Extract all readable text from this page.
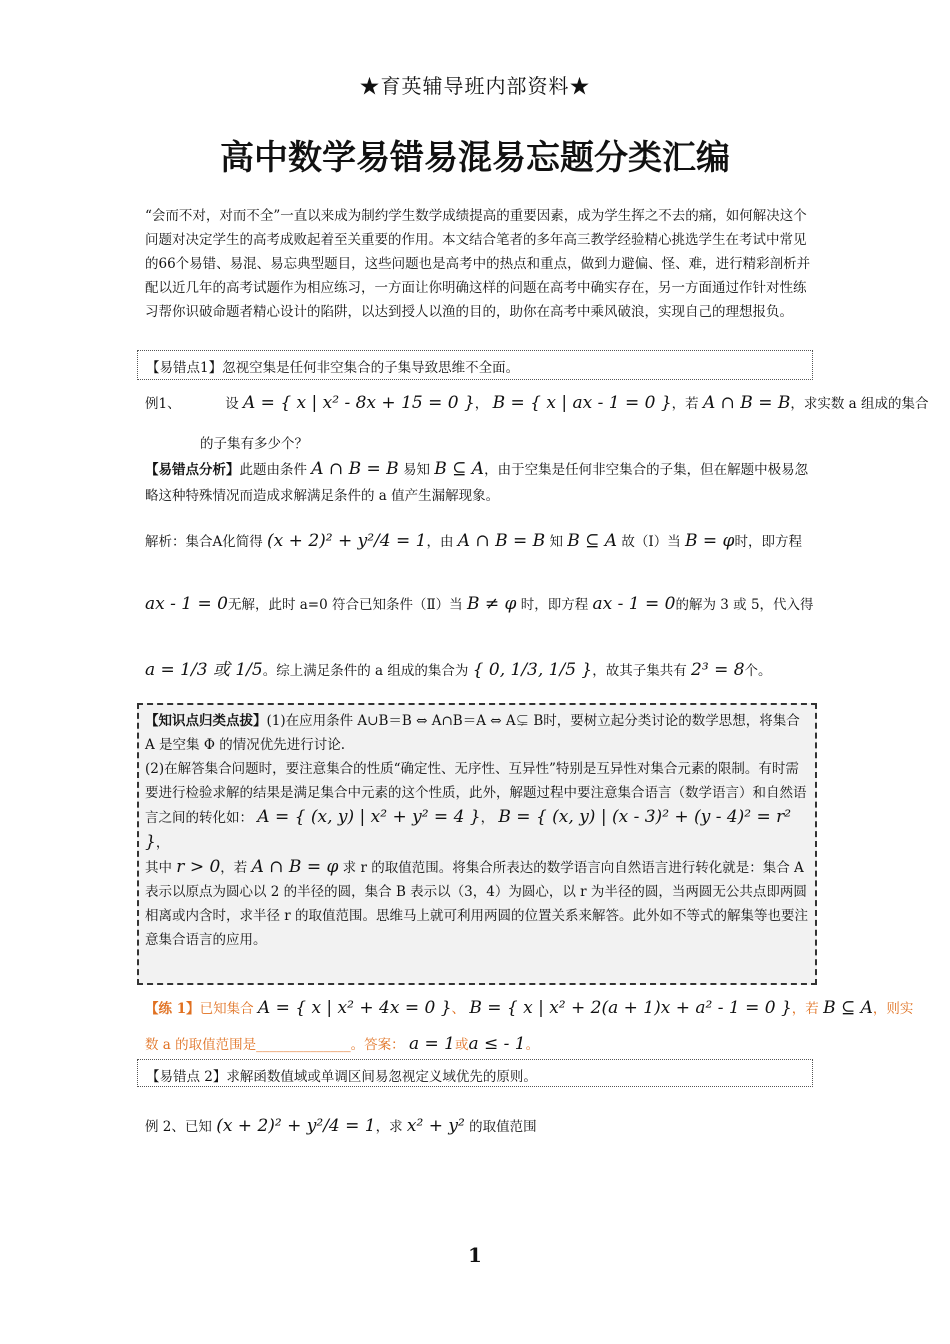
★育英辅导班内部资料★
高中数学易错易混易忘题分类汇编
“会而不对，对而不全”一直以来成为制约学生数学成绩提高的重要因素，成为学生挥之不去的痛，如何解决这个问题对决定学生的高考成败起着至关重要的作用。本文结合笔者的多年高三教学经验精心挑选学生在考试中常见的66个易错、易混、易忘典型题目，这些问题也是高考中的热点和重点，做到力避偏、怪、难，进行精彩剖析并配以近几年的高考试题作为相应练习，一方面让你明确这样的问题在高考中确实存在，另一方面通过作针对性练习帮你识破命题者精心设计的陷阱，以达到授人以渔的目的，助你在高考中乘风破浪，实现自己的理想报负。
【易错点1】忽视空集是任何非空集合的子集导致思维不全面。
例1、	设 A = { x | x² - 8x + 15 = 0 }， B = { x | ax - 1 = 0 }，若 A ∩ B = B，求实数 a 组成的集合
的子集有多少个？
【易错点分析】此题由条件 A ∩ B = B 易知 B ⊆ A，由于空集是任何非空集合的子集，但在解题中极易忽
略这种特殊情况而造成求解满足条件的 a 值产生漏解现象。
解析：集合A化简得 (x + 2)² + y²/4 = 1，由 A ∩ B = B 知 B ⊆ A 故（Ⅰ）当 B = φ时，即方程
ax - 1 = 0无解，此时 a=0 符合已知条件（Ⅱ）当 B ≠ φ 时，即方程 ax - 1 = 0的解为 3 或 5，代入得
a = 1/3 或 1/5。综上满足条件的 a 组成的集合为 { 0, 1/3, 1/5 }，故其子集共有 2³ = 8个。

【知识点归类点拔】(1)在应用条件 A∪B＝B ⇔ A∩B＝A ⇔ A⊊ B时，要树立起分类讨论的数学思想，将集合 A 是空集 Φ 的情况优先进行讨论.

(2)在解答集合问题时，要注意集合的性质“确定性、无序性、互异性”特别是互异性对集合元素的限制。有时需要进行检验求解的结果是满足集合中元素的这个性质，此外，解题过程中要注意集合语言（数学语言）和自然语言之间的转化如： A = { (x, y) | x² + y² = 4 }， B = { (x, y) | (x - 3)² + (y - 4)² = r² }，

其中 r > 0，若 A ∩ B = φ 求 r 的取值范围。将集合所表达的数学语言向自然语言进行转化就是：集合 A 表示以原点为圆心以 2 的半径的圆，集合 B 表示以（3，4）为圆心，以 r 为半径的圆，当两圆无公共点即两圆相离或内含时，求半径 r 的取值范围。思维马上就可利用两圆的位置关系来解答。此外如不等式的解集等也要注意集合语言的应用。

【练 1】已知集合 A = { x | x² + 4x = 0 }、 B = { x | x² + 2(a + 1)x + a² - 1 = 0 }，若 B ⊆ A，则实
数 a 的取值范围是______________。答案： a = 1或a ≤ - 1。
【易错点 2】求解函数值域或单调区间易忽视定义域优先的原则。
例 2、已知 (x + 2)² + y²/4 = 1，求 x² + y² 的取值范围
1
